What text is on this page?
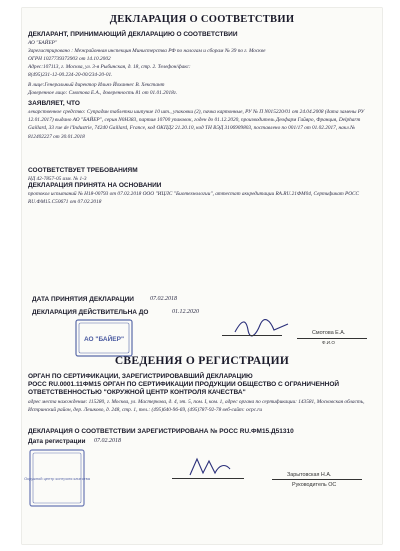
ДЕКЛАРАЦИЯ О СООТВЕТСТВИИ
ДЕКЛАРАНТ, ПРИНИМАЮЩИЙ ДЕКЛАРАЦИЮ О СООТВЕТСТВИИ
АО "БАЙЕР"
Зарегистрировано : Межрайонная инспекция Министерства РФ по налогам и сборам № 39 по г. Москве
ОГРН 1027739373903 от 14.10.2002
Адрес:107113, г. Москва, ул. 3-я Рыбинская, д. 18, стр. 2. Телефон/факс:
8(495)231-12-00.234-20-00/234-20-01.
В лице:Генеральный директор Ильнэ Йоханнес В. Хекстант
Доверенное лицо: Смотова Е.А., доверенность 81 от 01.01.2018г.
ЗАЯВЛЯЕТ, ЧТО
лекарственное средство: Супрадин таблетки шипучие 10 шт., упаковки (2), пачка картонные, РУ № П N015220/01 от 24.04.2008 (дата замены РУ 12.01.2017) выдано АО "БАЙЕР", серия N0H383, партия 10700 упаковок, годен до 01.12.2020, производитель Деофарм Гайяро, Франция, Delpharm Gaillard, 33 rue de l'Industrie, 74240 Gaillard, France, код ОКПД2 21.20.10, код ТН ВЭД 3106909803, поставлено по 001/17 от 01.02.2017, накл.№ 812402227 от 30.01.2018
СООТВЕТСТВУЕТ ТРЕБОВАНИЯМ
НД 42-7857-05 изм. № 1-3
ДЕКЛАРАЦИЯ ПРИНЯТА НА ОСНОВАНИИ
протокол испытаний № Н18-00793 от 07.02.2018 ООО "ИЦЛС "Биотехнологии", аттестат аккредитации RA.RU.21ФМ04, Сертификат РОСС RU.ФМ15.С50671 от 07.02.2018
ДАТА ПРИНЯТИЯ ДЕКЛАРАЦИИ	07.02.2018
ДЕКЛАРАЦИЯ ДЕЙСТВИТЕЛЬНА ДО	01.12.2020
АО "БАЙЕР"
Смотова Е.А.
Ф.И.О
СВЕДЕНИЯ О РЕГИСТРАЦИИ
ОРГАН ПО СЕРТИФИКАЦИИ, ЗАРЕГИСТРИРОВАВШИЙ ДЕКЛАРАЦИЮ
РОСС RU.0001.11ФМ15 ОРГАН ПО СЕРТИФИКАЦИИ ПРОДУКЦИИ ОБЩЕСТВО С ОГРАНИЧЕННОЙ ОТВЕТСТВЕННОСТЬЮ "ОКРУЖНОЙ ЦЕНТР КОНТРОЛЯ КАЧЕСТВА"
адрес места нахождения: 115280, г. Москва, ул. Мастеркова, д. 4, эт. 5, пом. I, ком. 1, адрес органа по сертификации: 143581, Московская область, Истринский район, дер. Лешково, д. 248, стр. 1, тел.: (495)640-96-69, (495)787-92-78 веб-сайт: ocpc.ru
ДЕКЛАРАЦИЯ О СООТВЕТСТВИИ ЗАРЕГИСТРИРОВАНА № РОСС RU.ФМ15.Д51310
Дата регистрации 07.02.2018
Окружной центр контроля качества
Зарытовская Н.А.
Руководитель ОС
